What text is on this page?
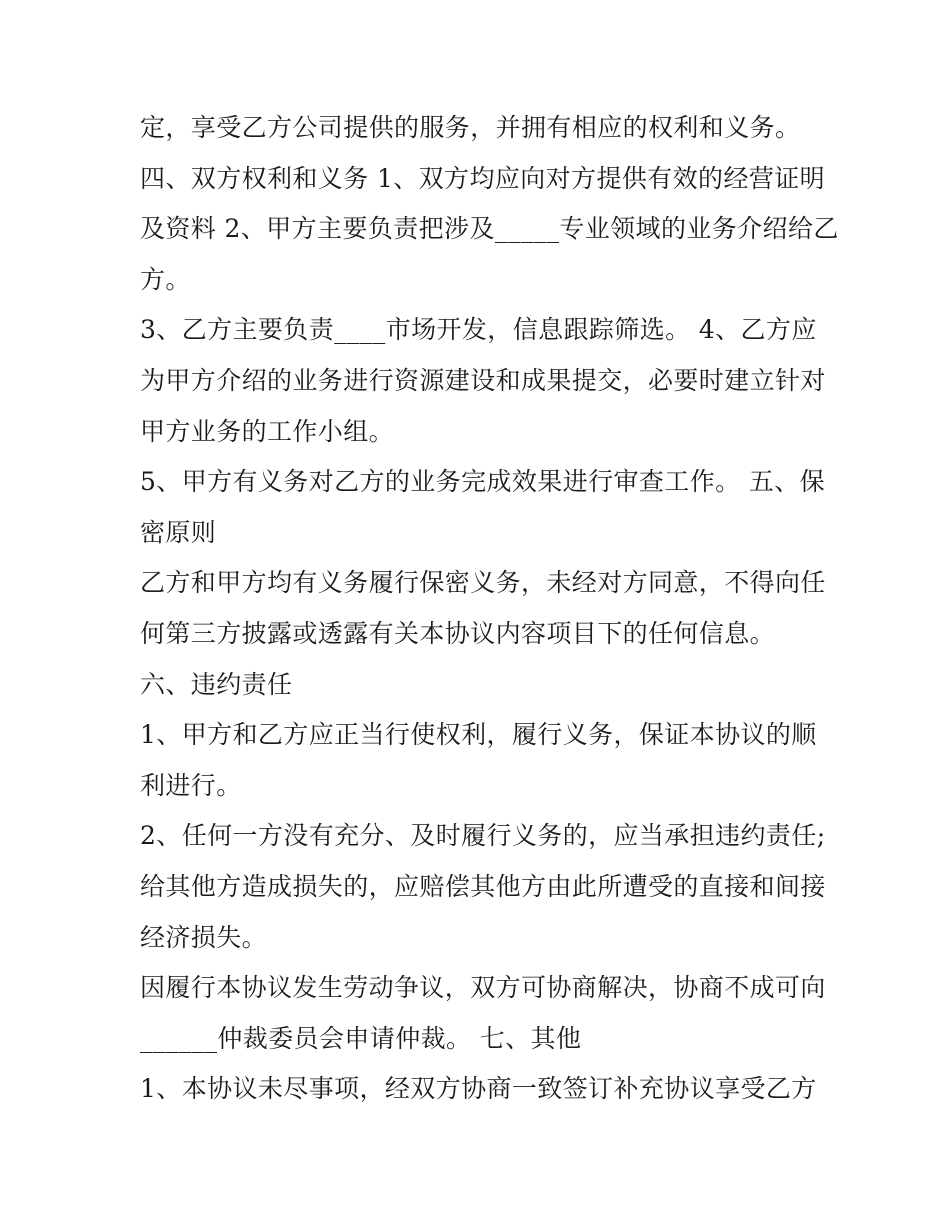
定，享受乙方公司提供的服务，并拥有相应的权利和义务。
四、双方权利和义务 1、双方均应向对方提供有效的经营证明
及资料 2、甲方主要负责把涉及_____专业领域的业务介绍给乙
方。
3、乙方主要负责____市场开发，信息跟踪筛选。 4、乙方应
为甲方介绍的业务进行资源建设和成果提交，必要时建立针对
甲方业务的工作小组。
5、甲方有义务对乙方的业务完成效果进行审查工作。 五、保
密原则
乙方和甲方均有义务履行保密义务，未经对方同意，不得向任
何第三方披露或透露有关本协议内容项目下的任何信息。
六、违约责任
1、甲方和乙方应正当行使权利，履行义务，保证本协议的顺
利进行。
2、任何一方没有充分、及时履行义务的，应当承担违约责任;
给其他方造成损失的，应赔偿其他方由此所遭受的直接和间接
经济损失。
因履行本协议发生劳动争议，双方可协商解决，协商不成可向
______仲裁委员会申请仲裁。 七、其他
1、本协议未尽事项，经双方协商一致签订补充协议享受乙方
